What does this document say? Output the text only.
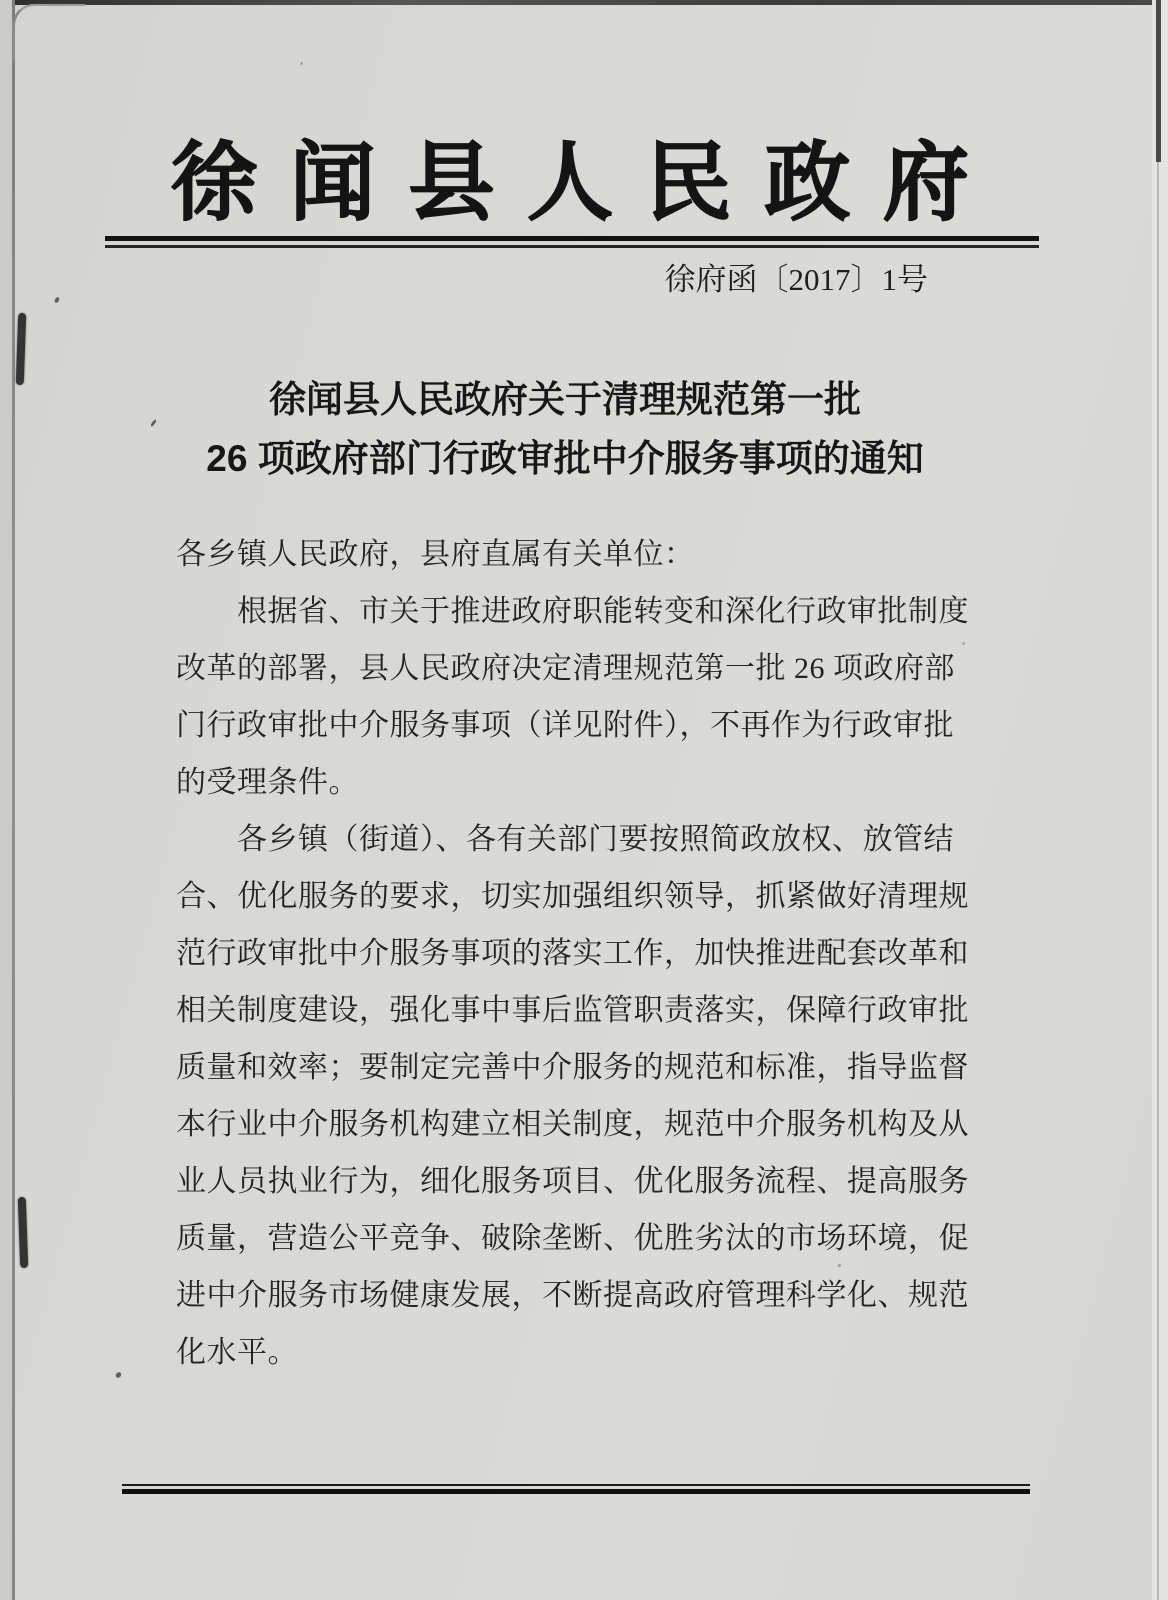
徐闻县人民政府
徐府函〔2017〕1号
徐闻县人民政府关于清理规范第一批
26 项政府部门行政审批中介服务事项的通知
各乡镇人民政府，县府直属有关单位：
根据省、市关于推进政府职能转变和深化行政审批制度
改革的部署，县人民政府决定清理规范第一批 26 项政府部
门行政审批中介服务事项（详见附件），不再作为行政审批
的受理条件。
各乡镇（街道）、各有关部门要按照简政放权、放管结
合、优化服务的要求，切实加强组织领导，抓紧做好清理规
范行政审批中介服务事项的落实工作，加快推进配套改革和
相关制度建设，强化事中事后监管职责落实，保障行政审批
质量和效率；要制定完善中介服务的规范和标准，指导监督
本行业中介服务机构建立相关制度，规范中介服务机构及从
业人员执业行为，细化服务项目、优化服务流程、提高服务
质量，营造公平竞争、破除垄断、优胜劣汰的市场环境，促
进中介服务市场健康发展，不断提高政府管理科学化、规范
化水平。
